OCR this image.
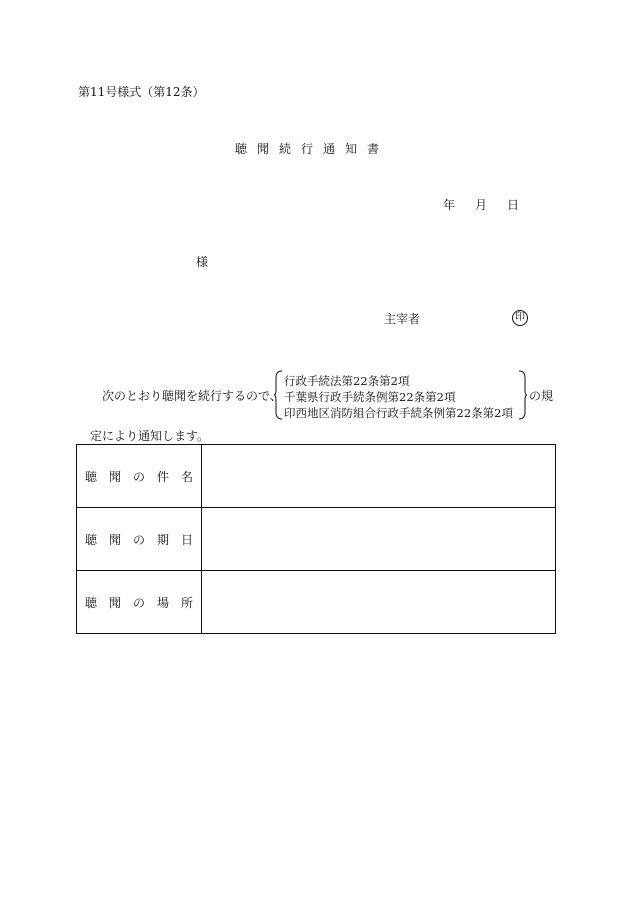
第11号様式（第12条）
聴聞続行通知書
年 月 日
様
主宰者	印
次のとおり聴聞を続行するので、
行政手続法第22条第2項
千葉県行政手続条例第22条第2項
印西地区消防組合行政手続条例第22条第2項
の規
定により通知します。
聴 聞 の 件 名	

聴 聞 の 期 日	

聴 聞 の 場 所	
